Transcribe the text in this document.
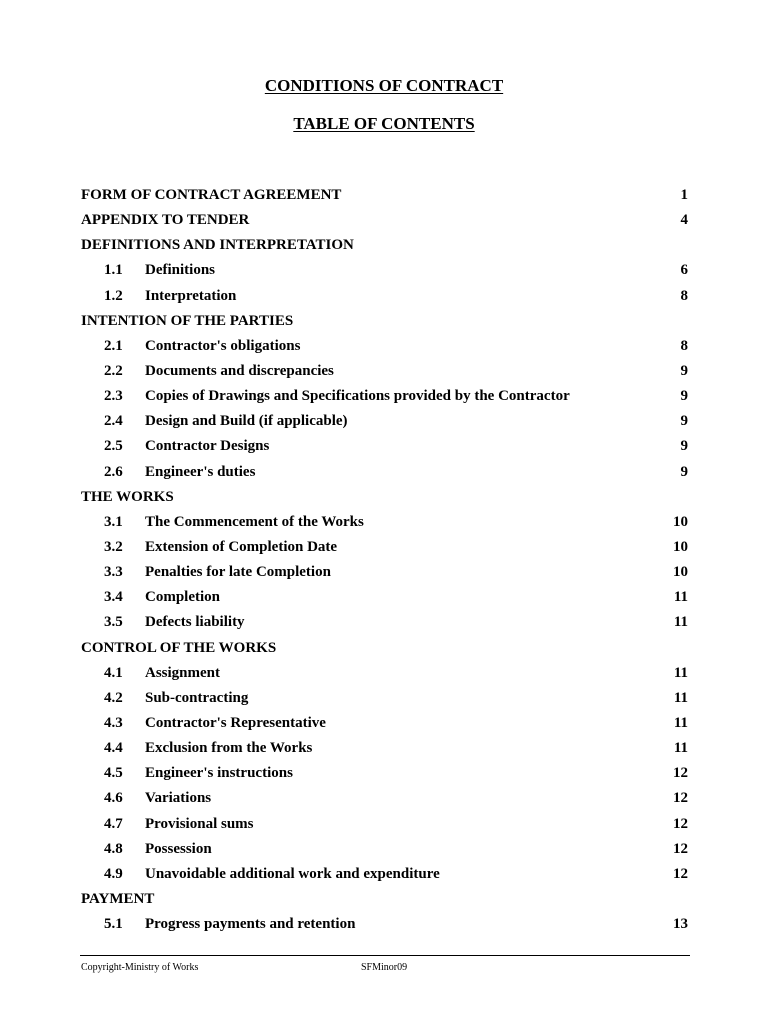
CONDITIONS OF CONTRACT
TABLE OF CONTENTS
FORM OF CONTRACT AGREEMENT	1
APPENDIX TO TENDER	4
DEFINITIONS AND INTERPRETATION
1.1 Definitions	6
1.2 Interpretation	8
INTENTION OF THE PARTIES
2.1 Contractor's obligations	8
2.2 Documents and discrepancies	9
2.3 Copies of Drawings and Specifications provided by the Contractor	9
2.4 Design and Build (if applicable)	9
2.5 Contractor Designs	9
2.6 Engineer's duties	9
THE WORKS
3.1 The Commencement of the Works	10
3.2 Extension of Completion Date	10
3.3 Penalties for late Completion	10
3.4 Completion	11
3.5 Defects liability	11
CONTROL OF THE WORKS
4.1 Assignment	11
4.2 Sub-contracting	11
4.3 Contractor's Representative	11
4.4 Exclusion from the Works	11
4.5 Engineer's instructions	12
4.6 Variations	12
4.7 Provisional sums	12
4.8 Possession	12
4.9 Unavoidable additional work and expenditure	12
PAYMENT
5.1 Progress payments and retention	13
Copyright-Ministry of Works	SFMinor09
